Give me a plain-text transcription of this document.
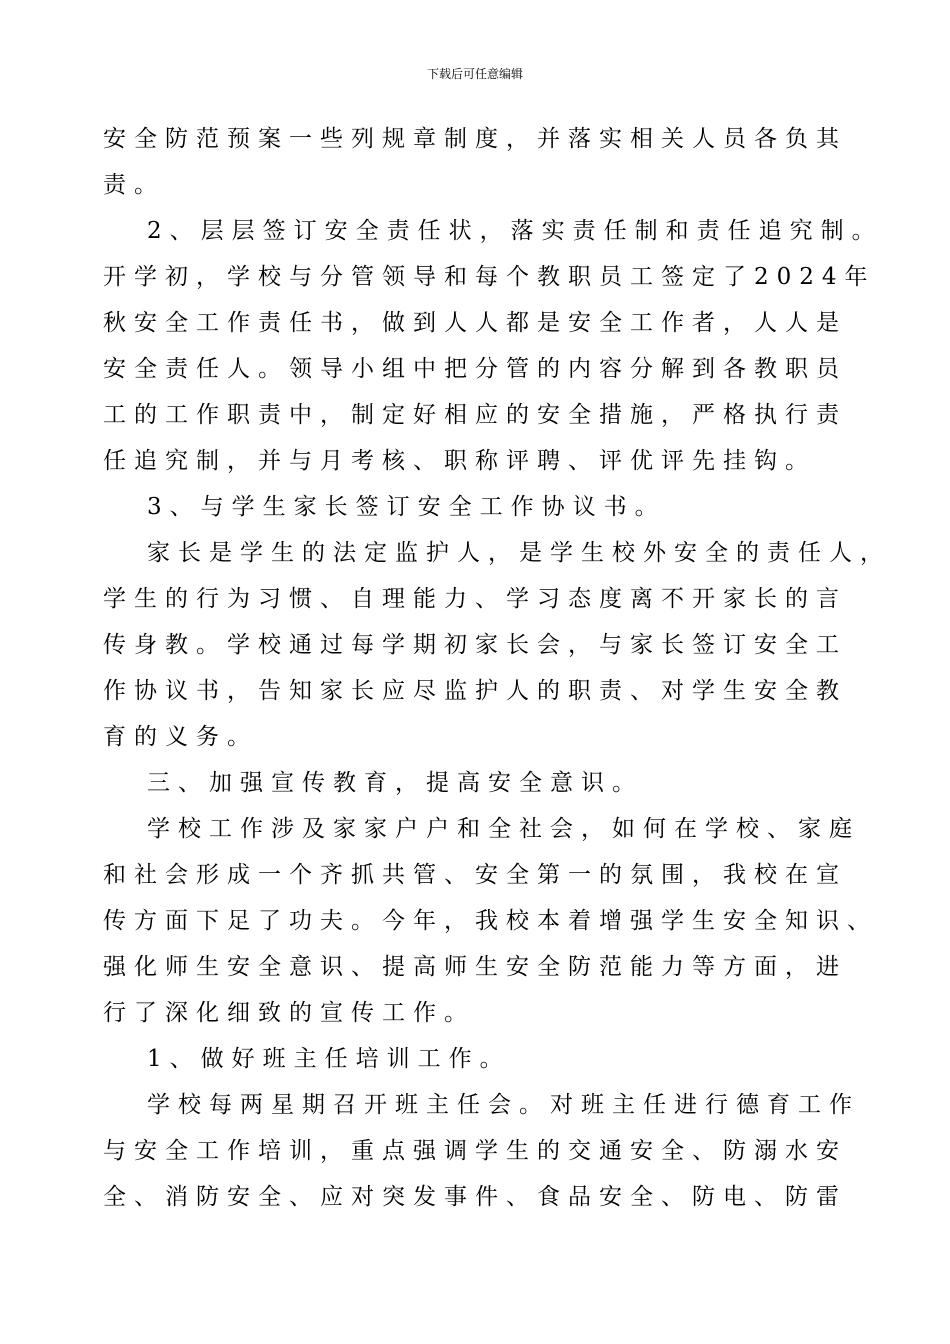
下载后可任意编辑
安全防范预案一些列规章制度，并落实相关人员各负其
责。
2、层层签订安全责任状，落实责任制和责任追究制。
开学初，学校与分管领导和每个教职员工签定了2024年
秋安全工作责任书，做到人人都是安全工作者，人人是
安全责任人。领导小组中把分管的内容分解到各教职员
工的工作职责中，制定好相应的安全措施，严格执行责
任追究制，并与月考核、职称评聘、评优评先挂钩。
3、与学生家长签订安全工作协议书。
家长是学生的法定监护人，是学生校外安全的责任人，
学生的行为习惯、自理能力、学习态度离不开家长的言
传身教。学校通过每学期初家长会，与家长签订安全工
作协议书，告知家长应尽监护人的职责、对学生安全教
育的义务。
三、加强宣传教育，提高安全意识。
学校工作涉及家家户户和全社会，如何在学校、家庭
和社会形成一个齐抓共管、安全第一的氛围，我校在宣
传方面下足了功夫。今年，我校本着增强学生安全知识、
强化师生安全意识、提高师生安全防范能力等方面，进
行了深化细致的宣传工作。
1、做好班主任培训工作。
学校每两星期召开班主任会。对班主任进行德育工作
与安全工作培训，重点强调学生的交通安全、防溺水安
全、消防安全、应对突发事件、食品安全、防电、防雷
